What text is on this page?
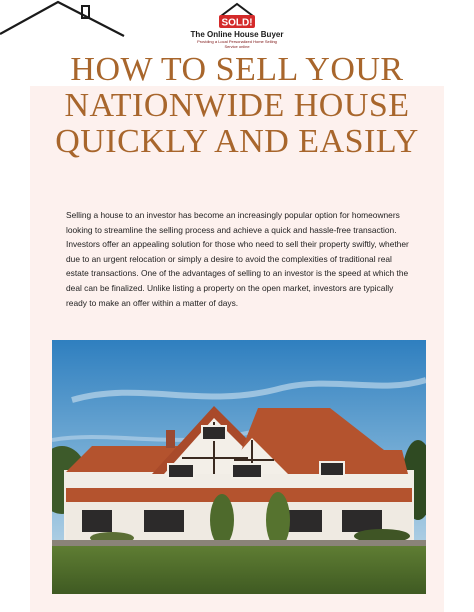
SOLD!
The Online House Buyer
Providing a Local Personalized Home Selling Service online
HOW TO SELL YOUR NATIONWIDE HOUSE QUICKLY AND EASILY

Selling a house to an investor has become an increasingly popular option for homeowners looking to streamline the selling process and achieve a quick and hassle-free transaction. Investors offer an appealing solution for those who need to sell their property swiftly, whether due to an urgent relocation or simply a desire to avoid the complexities of traditional real estate transactions. One of the advantages of selling to an investor is the speed at which the deal can be finalized. Unlike listing a property on the open market, investors are typically ready to make an offer within a matter of days.
